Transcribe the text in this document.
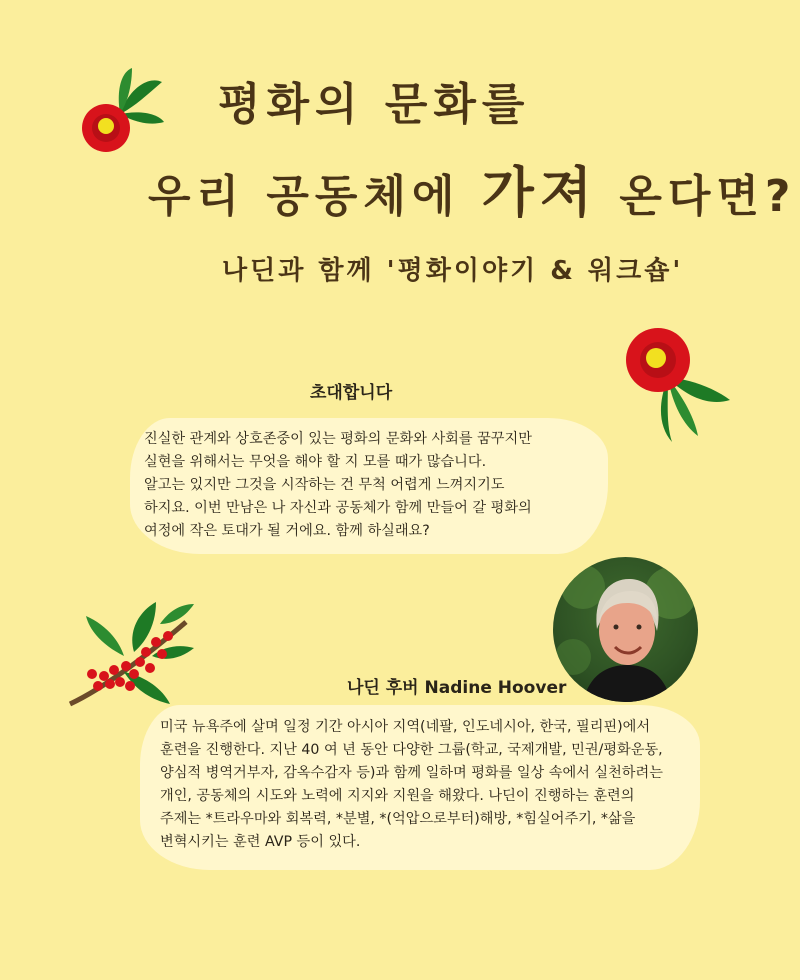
평화의 문화를
우리 공동체에 가져 온다면?
나딘과 함께 '평화이야기 & 워크숍'
초대합니다
진실한 관계와 상호존중이 있는 평화의 문화와 사회를 꿈꾸지만
실현을 위해서는 무엇을 해야 할 지 모를 때가 많습니다.
알고는 있지만 그것을 시작하는 건 무척 어렵게 느껴지기도
하지요. 이번 만남은 나 자신과 공동체가 함께 만들어 갈 평화의
여정에 작은 토대가 될 거에요. 함께 하실래요?
나딘 후버 Nadine Hoover
미국 뉴욕주에 살며 일정 기간 아시아 지역(네팔, 인도네시아, 한국, 필리핀)에서
훈련을 진행한다. 지난 40 여 년 동안 다양한 그룹(학교, 국제개발, 민권/평화운동,
양심적 병역거부자, 감옥수감자 등)과 함께 일하며 평화를 일상 속에서 실천하려는
개인, 공동체의 시도와 노력에 지지와 지원을 해왔다. 나딘이 진행하는 훈련의
주제는 *트라우마와 회복력, *분별, *(억압으로부터)해방, *힘실어주기, *삶을
변혁시키는 훈련 AVP 등이 있다.
